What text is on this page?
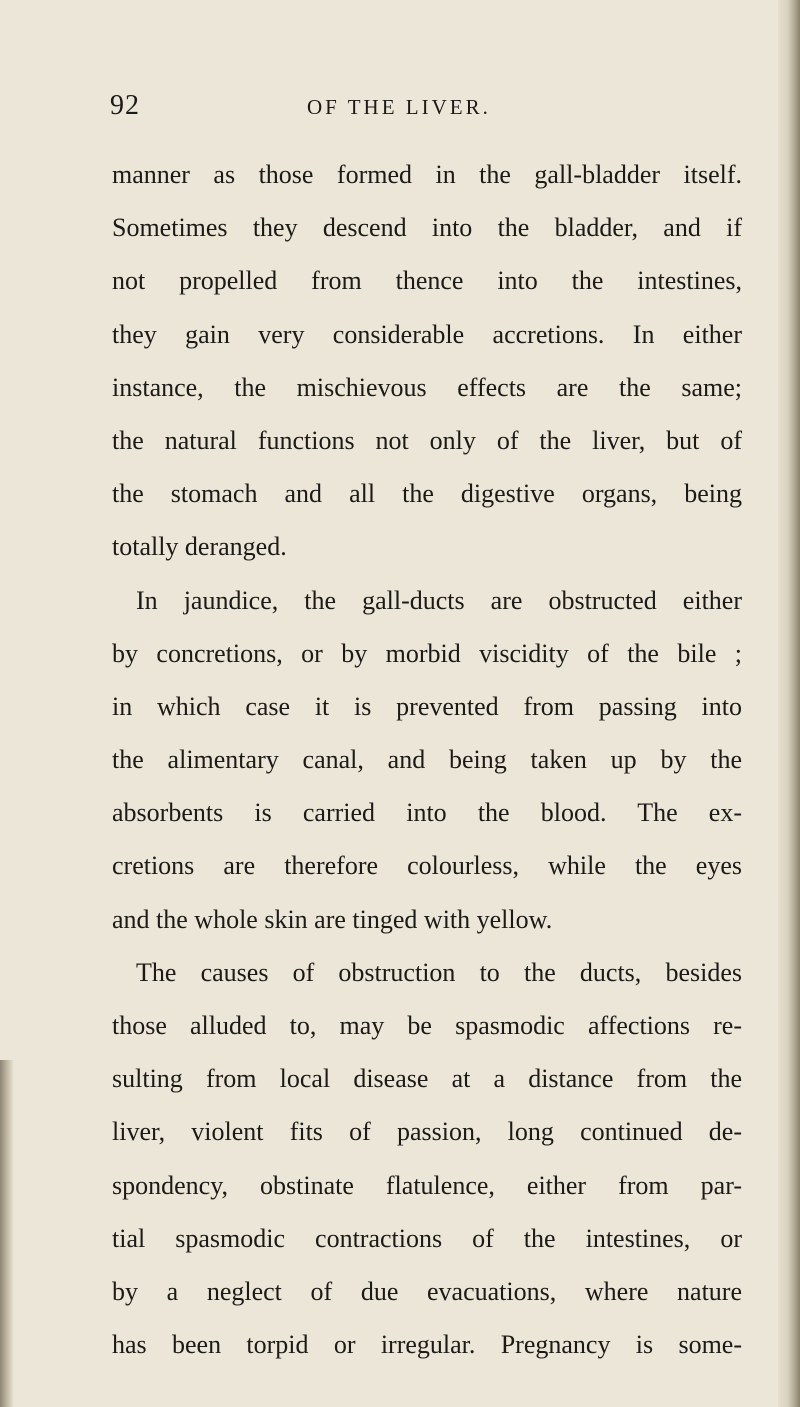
92	OF THE LIVER.
manner as those formed in the gall-bladder itself.
Sometimes they descend into the bladder, and if
not propelled from thence into the intestines,
they gain very considerable accretions. In either
instance, the mischievous effects are the same;
the natural functions not only of the liver, but of
the stomach and all the digestive organs, being
totally deranged.
In jaundice, the gall-ducts are obstructed either
by concretions, or by morbid viscidity of the bile ;
in which case it is prevented from passing into
the alimentary canal, and being taken up by the
absorbents is carried into the blood. The ex-
cretions are therefore colourless, while the eyes
and the whole skin are tinged with yellow.
The causes of obstruction to the ducts, besides
those alluded to, may be spasmodic affections re-
sulting from local disease at a distance from the
liver, violent fits of passion, long continued de-
spondency, obstinate flatulence, either from par-
tial spasmodic contractions of the intestines, or
by a neglect of due evacuations, where nature
has been torpid or irregular. Pregnancy is some-
